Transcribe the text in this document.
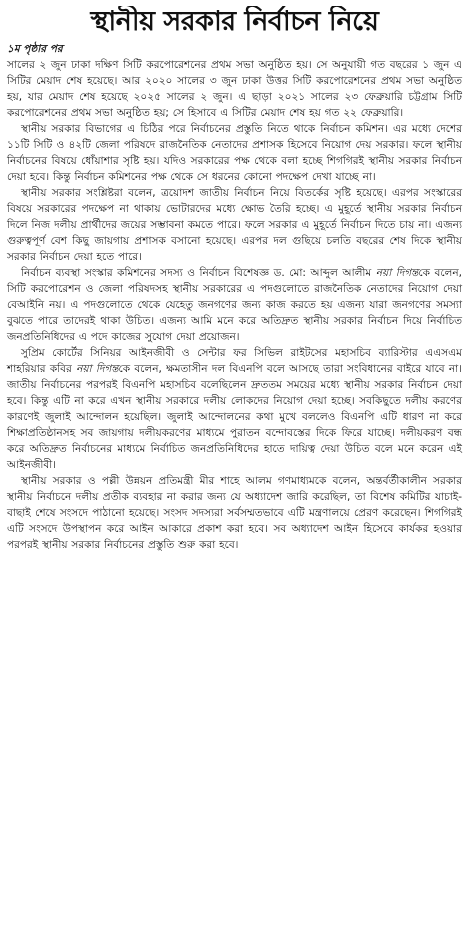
স্থানীয় সরকার নির্বাচন নিয়ে
১ম পৃষ্ঠার পর

সালের ২ জুন ঢাকা দক্ষিণ সিটি করপোরেশনের প্রথম সভা অনুষ্ঠিত হয়। সে অনুযায়ী গত বছরের ১ জুন এ সিটির মেয়াদ শেষ হয়েছে। আর ২০২০ সালের ৩ জুন ঢাকা উত্তর সিটি করপোরেশনের প্রথম সভা অনুষ্ঠিত হয়, যার মেয়াদ শেষ হয়েছে ২০২৫ সালের ২ জুন। এ ছাড়া ২০২১ সালের ২৩ ফেব্রুয়ারি চট্টগ্রাম সিটি করপোরেশনের প্রথম সভা অনুষ্ঠিত হয়; সে হিসাবে এ সিটির মেয়াদ শেষ হয় গত ২২ ফেব্রুয়ারি।

স্থানীয় সরকার বিভাগের এ চিঠির পরে নির্বাচনের প্রস্তুতি নিতে থাকে নির্বাচন কমিশন। এর মধ্যে দেশের ১১টি সিটি ও ৪২টি জেলা পরিষদে রাজনৈতিক নেতাদের প্রশাসক হিসেবে নিয়োগ দেয় সরকার। ফলে স্থানীয় নির্বাচনের বিষয়ে ধোঁয়াশার সৃষ্টি হয়। যদিও সরকারের পক্ষ থেকে বলা হচ্ছে শিগগিরই স্থানীয় সরকার নির্বাচন দেয়া হবে। কিন্তু নির্বাচন কমিশনের পক্ষ থেকে সে ধরনের কোনো পদক্ষেপ দেখা যাচ্ছে না।

স্থানীয় সরকার সংশ্লিষ্টরা বলেন, ত্রয়োদশ জাতীয় নির্বাচন নিয়ে বিতর্কের সৃষ্টি হয়েছে। এরপর সংস্কারের বিষয়ে সরকারের পদক্ষেপ না থাকায় ভোটারদের মধ্যে ক্ষোভ তৈরি হচ্ছে। এ মুহূর্তে স্থানীয় সরকার নির্বাচন দিলে নিজ দলীয় প্রার্থীদের জয়ের সম্ভাবনা কমতে পারে। ফলে সরকার এ মুহূর্তে নির্বাচন দিতে চায় না। এজন্য গুরুত্বপূর্ণ বেশ কিছু জায়গায় প্রশাসক বসানো হয়েছে। এরপর দল গুছিয়ে চলতি বছরের শেষ দিকে স্থানীয় সরকার নির্বাচন দেয়া হতে পারে।

নির্বাচন ব্যবস্থা সংস্কার কমিশনের সদস্য ও নির্বাচন বিশেষজ্ঞ ড. মো: আব্দুল আলীম নয়া দিগন্তকে বলেন, সিটি করপোরেশন ও জেলা পরিষদসহ স্থানীয় সরকারের এ পদগুলোতে রাজনৈতিক নেতাদের নিয়োগ দেয়া বেআইনি নয়। এ পদগুলোতে থেকে যেহেতু জনগণের জন্য কাজ করতে হয় এজন্য যারা জনগণের সমস্যা বুঝতে পারে তাদেরই থাকা উচিত। এজন্য আমি মনে করে অতিদ্রুত স্থানীয় সরকার নির্বাচন দিয়ে নির্বাচিত জনপ্রতিনিধিদের এ পদে কাজের সুযোগ দেয়া প্রয়োজন।

সুপ্রিম কোর্টের সিনিয়র আইনজীবী ও সেন্টার ফর সিভিল রাইটসের মহাসচিব ব্যারিস্টার এএসএম শাহরিয়ার কবির নয়া দিগন্তকে বলেন, ক্ষমতাসীন দল বিএনপি বলে আসছে তারা সংবিধানের বাইরে যাবে না। জাতীয় নির্বাচনের পরপরই বিএনপি মহাসচিব বলেছিলেন দ্রুততম সময়ের মধ্যে স্থানীয় সরকার নির্বাচন দেয়া হবে। কিন্তু এটি না করে এখন স্থানীয় সরকারে দলীয় লোকদের নিয়োগ দেয়া হচ্ছে। সবকিছুতে দলীয় করণের কারণেই জুলাই আন্দোলন হয়েছিল। জুলাই আন্দোলনের কথা মুখে বললেও বিএনপি এটি ধারণ না করে শিক্ষাপ্রতিষ্ঠানসহ সব জায়গায় দলীয়করণের মাধ্যমে পুরাতন বন্দোবস্তের দিকে ফিরে যাচ্ছে। দলীয়করণ বন্ধ করে অতিদ্রুত নির্বাচনের মাধ্যমে নির্বাচিত জনপ্রতিনিধিদের হাতে দায়িত্ব দেয়া উচিত বলে মনে করেন এই আইনজীবী।

স্থানীয় সরকার ও পল্লী উন্নয়ন প্রতিমন্ত্রী মীর শাহে আলম গণমাধ্যমকে বলেন, অন্তর্বর্তীকালীন সরকার স্থানীয় নির্বাচনে দলীয় প্রতীক ব্যবহার না করার জন্য যে অধ্যাদেশ জারি করেছিল, তা বিশেষ কমিটির যাচাই-বাছাই শেষে সংসদে পাঠানো হয়েছে। সংসদ সদস্যরা সর্বসম্মতভাবে এটি মন্ত্রণালয়ে প্রেরণ করেছেন। শিগগিরই এটি সংসদে উপস্থাপন করে আইন আকারে প্রকাশ করা হবে। সব অধ্যাদেশ আইন হিসেবে কার্যকর হওয়ার পরপরই স্থানীয় সরকার নির্বাচনের প্রস্তুতি শুরু করা হবে।
